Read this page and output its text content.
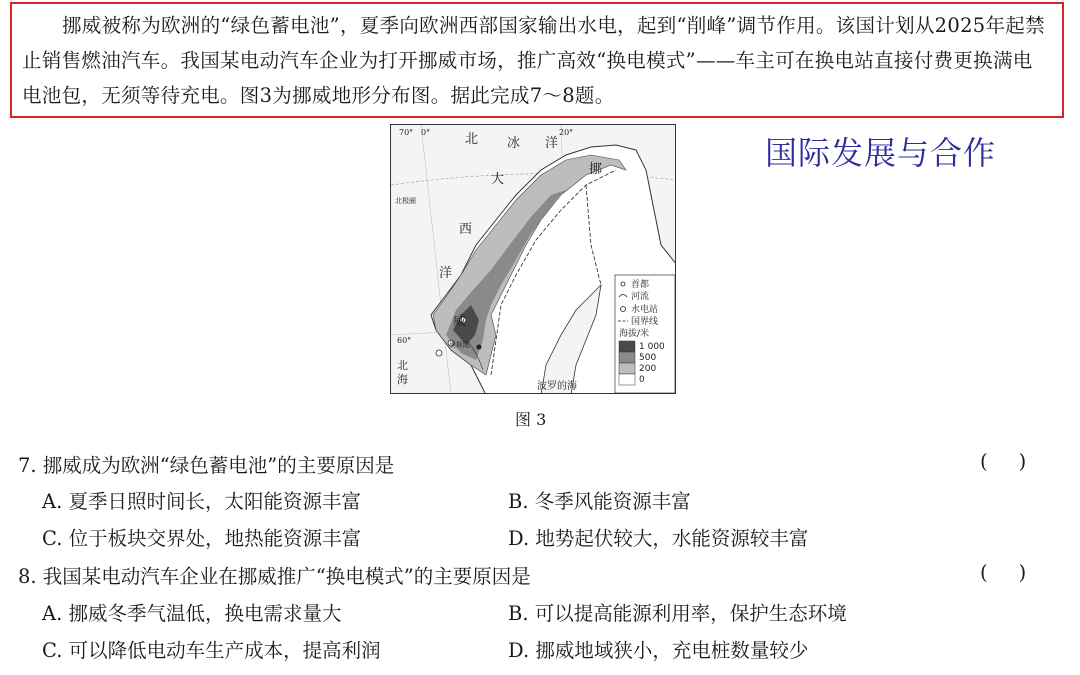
挪威被称为欧洲的“绿色蓄电池”，夏季向欧洲西部国家输出水电，起到“削峰”调节作用。该国计划从2025年起禁止销售燃油汽车。我国某电动汽车企业为打开挪威市场，推广高效“换电模式”——车主可在换电站直接付费更换满电电池包，无须等待充电。图3为挪威地形分布图。据此完成7～8题。

70° 0°	20°
60°
北 冰 洋
大
西
洋
挪
威
北
海
波罗的海
北极圈
奥斯陆
首都
河流
水电站
国界线
海拔/米
1 000
500
200
0
国际发展与合作
图 3
7. 挪威成为欧洲“绿色蓄电池”的主要原因是	(     )
A. 夏季日照时间长，太阳能资源丰富	B. 冬季风能资源丰富
C. 位于板块交界处，地热能资源丰富	D. 地势起伏较大，水能资源较丰富
8. 我国某电动汽车企业在挪威推广“换电模式”的主要原因是	(     )
A. 挪威冬季气温低，换电需求量大	B. 可以提高能源利用率，保护生态环境
C. 可以降低电动车生产成本，提高利润	D. 挪威地域狭小，充电桩数量较少
